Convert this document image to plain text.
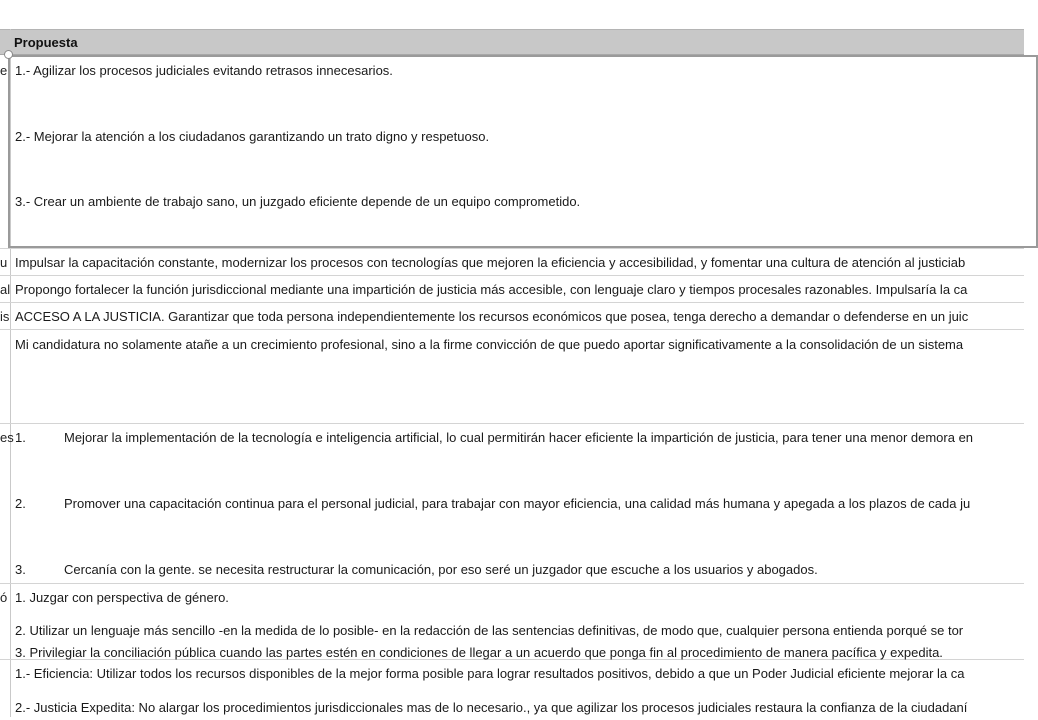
Propuesta
e 1.- Agilizar los procesos judiciales evitando retrasos innecesarios.
2.- Mejorar la atención a los ciudadanos garantizando un trato digno y respetuoso.
3.- Crear un ambiente de trabajo sano, un juzgado eficiente depende de un equipo comprometido.
u Impulsar la capacitación constante, modernizar los procesos con tecnologías que mejoren la eficiencia y accesibilidad, y fomentar una cultura de atención al justiciab
al Propongo fortalecer la función jurisdiccional mediante una impartición de justicia más accesible, con lenguaje claro y tiempos procesales razonables. Impulsaría la ca
is ACCESO A LA JUSTICIA. Garantizar que toda persona independientemente los recursos económicos que posea, tenga derecho a demandar o defenderse en un juic
Mi candidatura no solamente atañe a un crecimiento profesional, sino a la firme convicción de que puedo aportar significativamente a la consolidación de un sistema
es 1.	Mejorar la implementación de la tecnología e inteligencia artificial, lo cual permitirán hacer eficiente la impartición de justicia, para tener una menor demora en
2.	Promover una capacitación continua para el personal judicial, para trabajar con mayor eficiencia, una calidad más humana y apegada a los plazos de cada ju
3.	Cercanía con la gente. se necesita restructurar la comunicación, por eso seré un juzgador que escuche a los usuarios y abogados.
ó 1. Juzgar con perspectiva de género.
2. Utilizar un lenguaje más sencillo -en la medida de lo posible- en la redacción de las sentencias definitivas, de modo que, cualquier persona entienda porqué se tor
3. Privilegiar la conciliación pública cuando las partes estén en condiciones de llegar a un acuerdo que ponga fin al procedimiento de manera pacífica y expedita.
1.- Eficiencia: Utilizar todos los recursos disponibles de la mejor forma posible para lograr resultados positivos, debido a que un Poder Judicial eficiente mejorar la ca
2.- Justicia Expedita: No alargar los procedimientos jurisdiccionales mas de lo necesario., ya que agilizar los procesos judiciales restaura la confianza de la ciudadaní
